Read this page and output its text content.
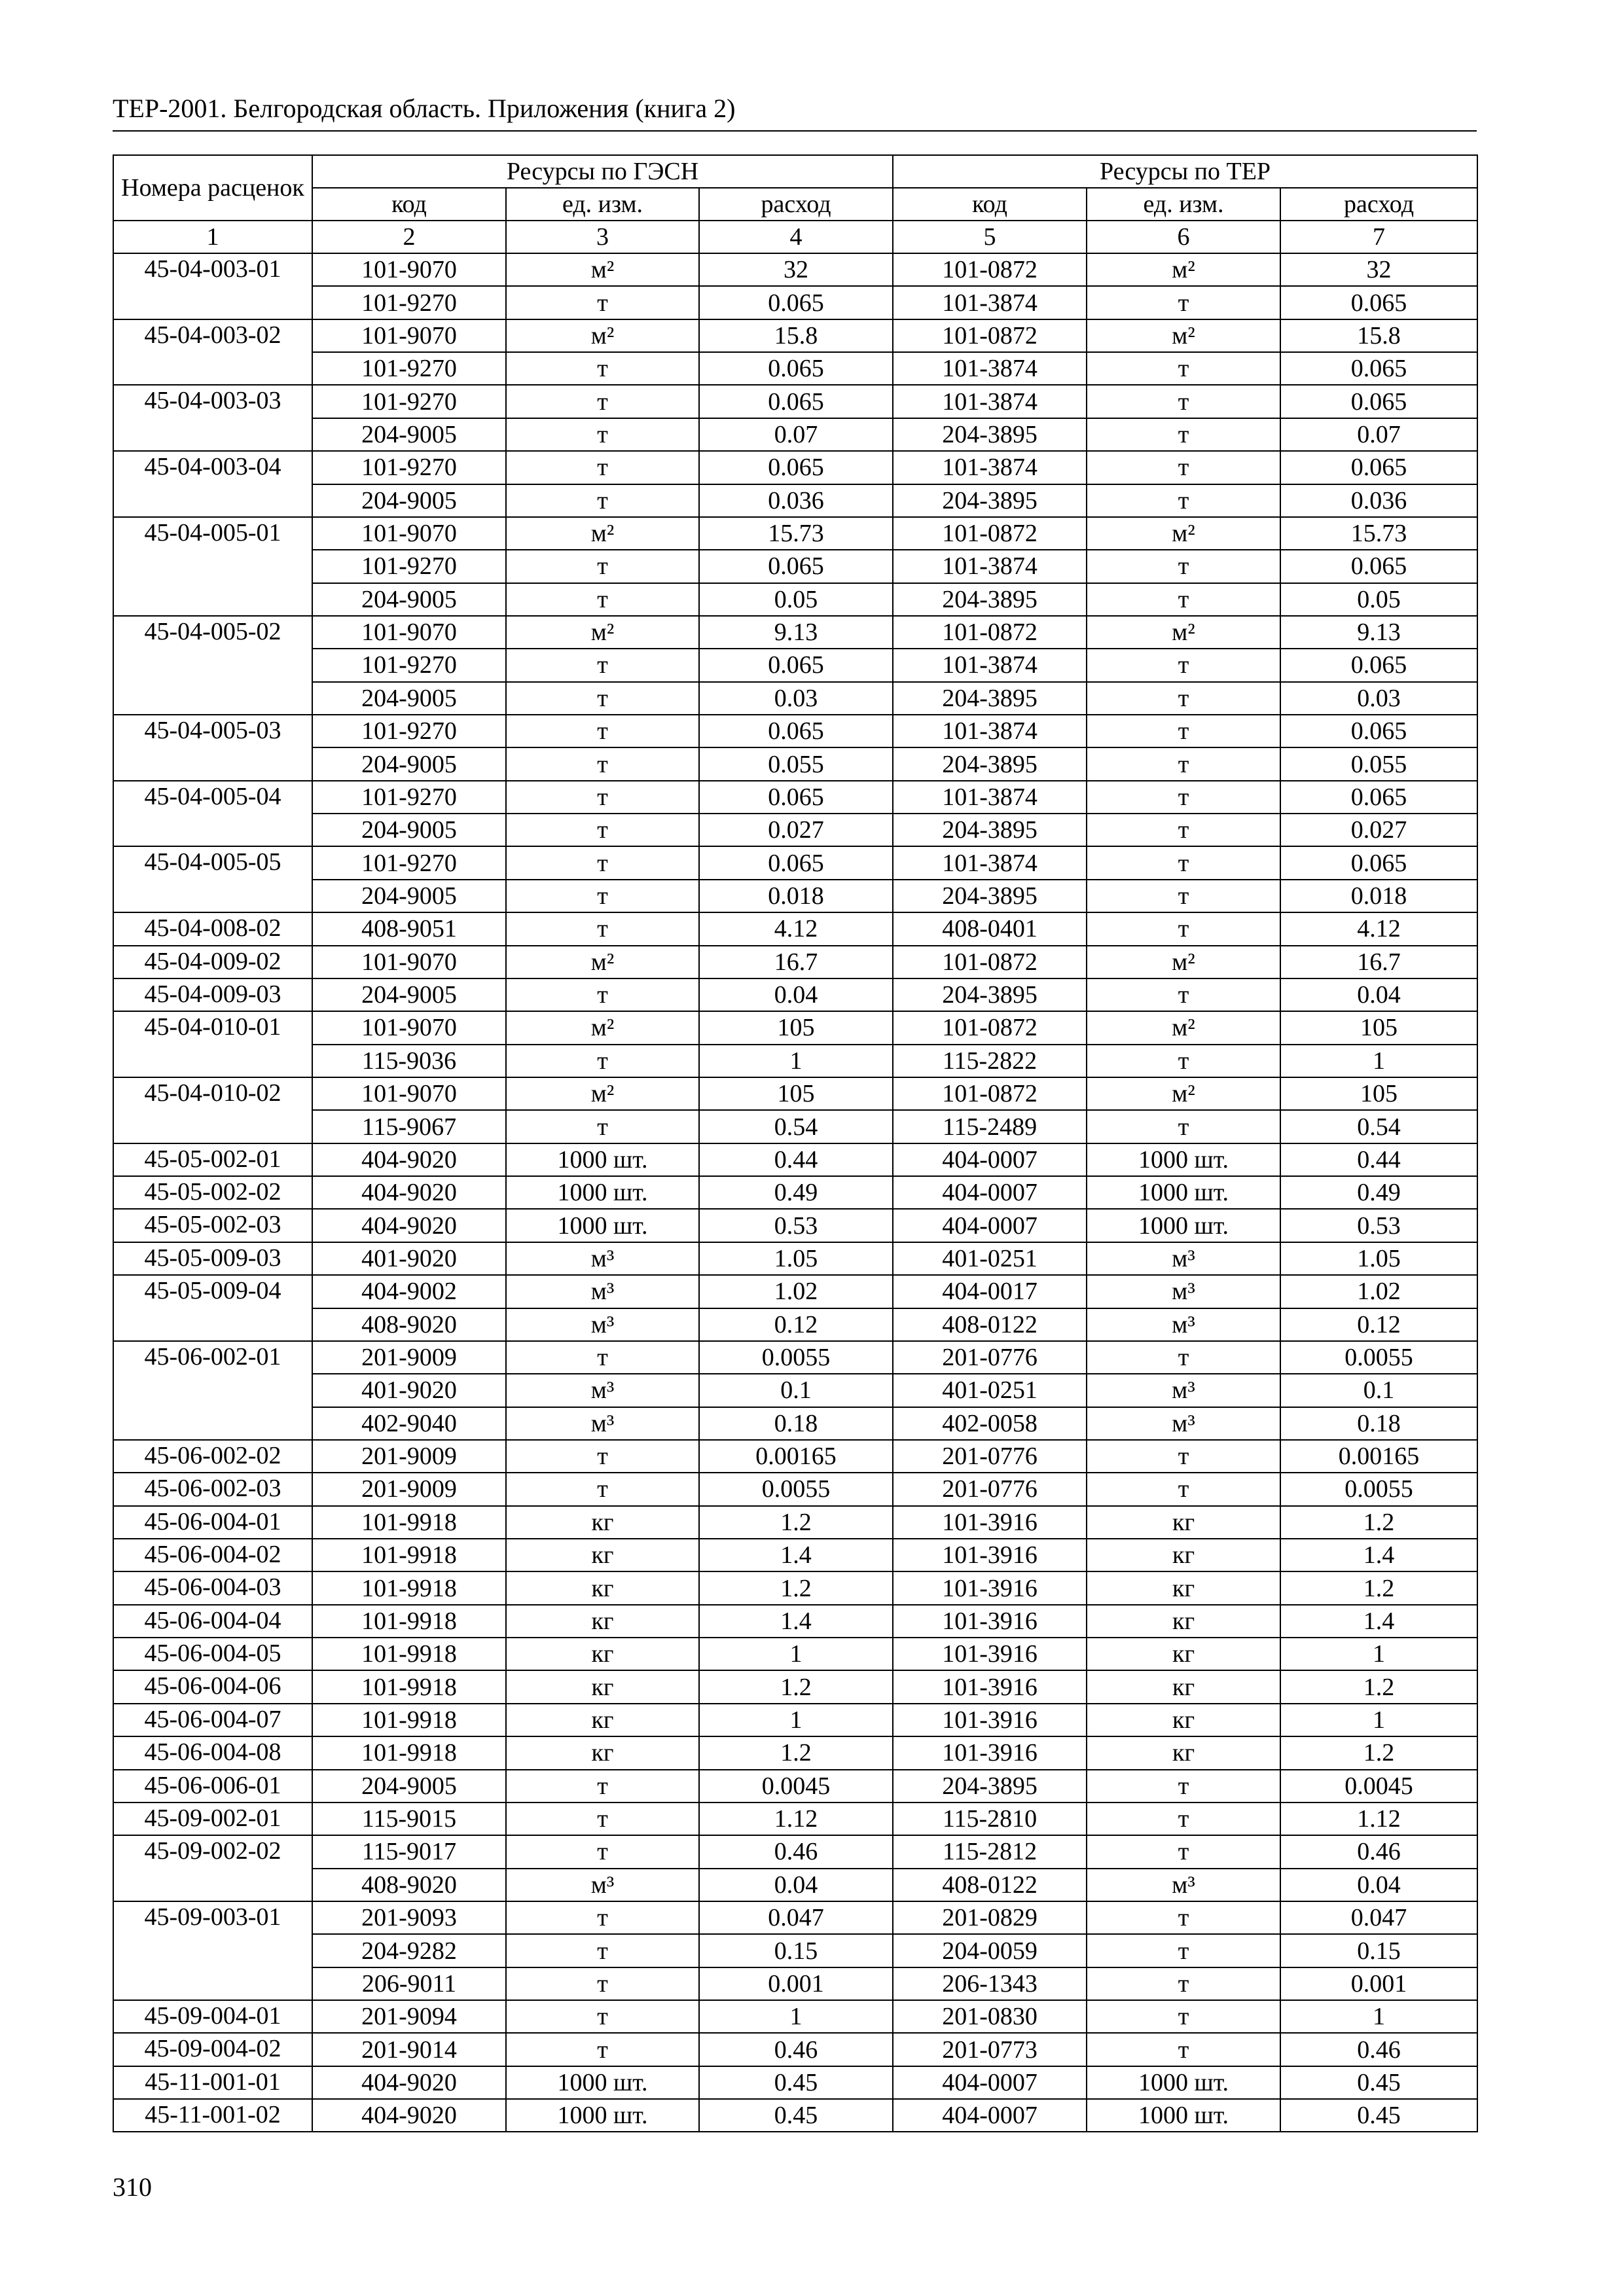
ТЕР-2001. Белгородская область. Приложения (книга 2)
Номера расценок	Ресурсы по ГЭСН			Ресурсы по ТЕР		
	код	ед. изм.	расход	код	ед. изм.	расход
1	2	3	4	5	6	7
45-04-003-01	101-9070	м²	32	101-0872	м²	32
	101-9270	т	0.065	101-3874	т	0.065
45-04-003-02	101-9070	м²	15.8	101-0872	м²	15.8
	101-9270	т	0.065	101-3874	т	0.065
45-04-003-03	101-9270	т	0.065	101-3874	т	0.065
	204-9005	т	0.07	204-3895	т	0.07
45-04-003-04	101-9270	т	0.065	101-3874	т	0.065
	204-9005	т	0.036	204-3895	т	0.036
45-04-005-01	101-9070	м²	15.73	101-0872	м²	15.73
	101-9270	т	0.065	101-3874	т	0.065
	204-9005	т	0.05	204-3895	т	0.05
45-04-005-02	101-9070	м²	9.13	101-0872	м²	9.13
	101-9270	т	0.065	101-3874	т	0.065
	204-9005	т	0.03	204-3895	т	0.03
45-04-005-03	101-9270	т	0.065	101-3874	т	0.065
	204-9005	т	0.055	204-3895	т	0.055
45-04-005-04	101-9270	т	0.065	101-3874	т	0.065
	204-9005	т	0.027	204-3895	т	0.027
45-04-005-05	101-9270	т	0.065	101-3874	т	0.065
	204-9005	т	0.018	204-3895	т	0.018
45-04-008-02	408-9051	т	4.12	408-0401	т	4.12
45-04-009-02	101-9070	м²	16.7	101-0872	м²	16.7
45-04-009-03	204-9005	т	0.04	204-3895	т	0.04
45-04-010-01	101-9070	м²	105	101-0872	м²	105
	115-9036	т	1	115-2822	т	1
45-04-010-02	101-9070	м²	105	101-0872	м²	105
	115-9067	т	0.54	115-2489	т	0.54
45-05-002-01	404-9020	1000 шт.	0.44	404-0007	1000 шт.	0.44
45-05-002-02	404-9020	1000 шт.	0.49	404-0007	1000 шт.	0.49
45-05-002-03	404-9020	1000 шт.	0.53	404-0007	1000 шт.	0.53
45-05-009-03	401-9020	м³	1.05	401-0251	м³	1.05
45-05-009-04	404-9002	м³	1.02	404-0017	м³	1.02
	408-9020	м³	0.12	408-0122	м³	0.12
45-06-002-01	201-9009	т	0.0055	201-0776	т	0.0055
	401-9020	м³	0.1	401-0251	м³	0.1
	402-9040	м³	0.18	402-0058	м³	0.18
45-06-002-02	201-9009	т	0.00165	201-0776	т	0.00165
45-06-002-03	201-9009	т	0.0055	201-0776	т	0.0055
45-06-004-01	101-9918	кг	1.2	101-3916	кг	1.2
45-06-004-02	101-9918	кг	1.4	101-3916	кг	1.4
45-06-004-03	101-9918	кг	1.2	101-3916	кг	1.2
45-06-004-04	101-9918	кг	1.4	101-3916	кг	1.4
45-06-004-05	101-9918	кг	1	101-3916	кг	1
45-06-004-06	101-9918	кг	1.2	101-3916	кг	1.2
45-06-004-07	101-9918	кг	1	101-3916	кг	1
45-06-004-08	101-9918	кг	1.2	101-3916	кг	1.2
45-06-006-01	204-9005	т	0.0045	204-3895	т	0.0045
45-09-002-01	115-9015	т	1.12	115-2810	т	1.12
45-09-002-02	115-9017	т	0.46	115-2812	т	0.46
	408-9020	м³	0.04	408-0122	м³	0.04
45-09-003-01	201-9093	т	0.047	201-0829	т	0.047
	204-9282	т	0.15	204-0059	т	0.15
	206-9011	т	0.001	206-1343	т	0.001
45-09-004-01	201-9094	т	1	201-0830	т	1
45-09-004-02	201-9014	т	0.46	201-0773	т	0.46
45-11-001-01	404-9020	1000 шт.	0.45	404-0007	1000 шт.	0.45
45-11-001-02	404-9020	1000 шт.	0.45	404-0007	1000 шт.	0.45
310
